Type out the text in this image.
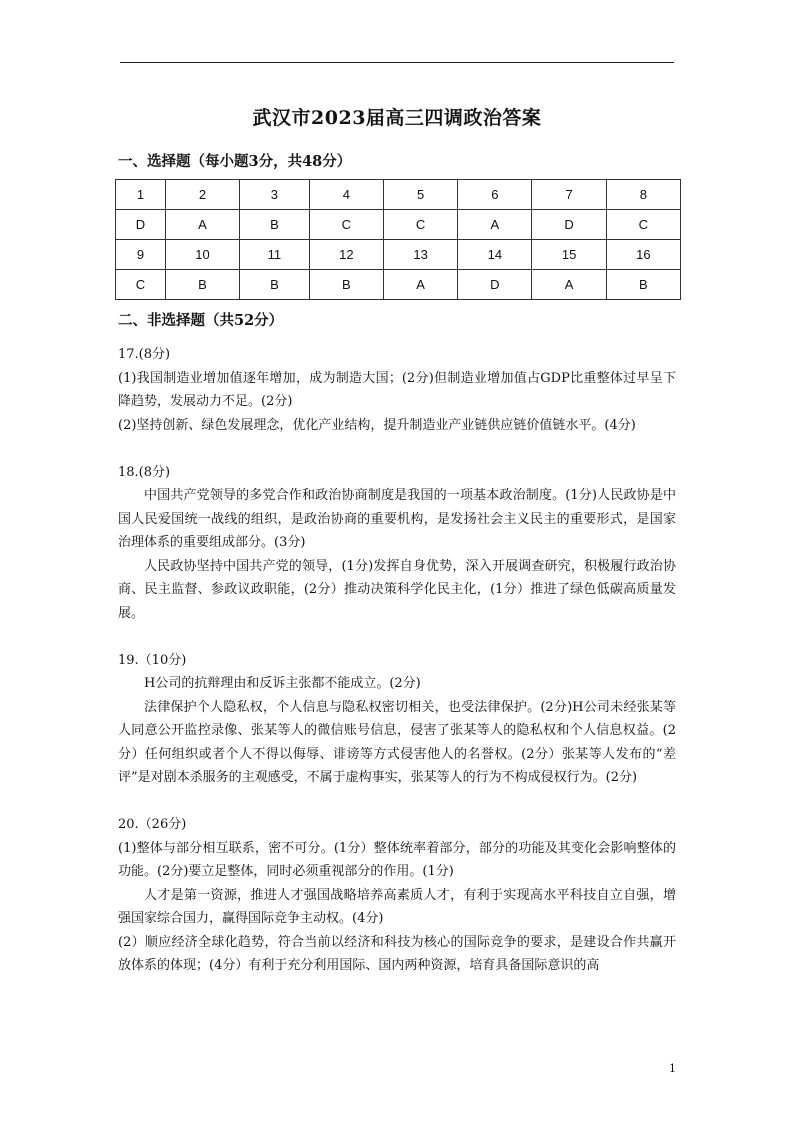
武汉市2023届高三四调政治答案
一、选择题（每小题3分，共48分）
1	2	3	4	5	6	7	8
D	A	B	C	C	A	D	C
9	10	11	12	13	14	15	16
C	B	B	B	A	D	A	B
二、非选择题（共52分）

17.(8分)

(1)我国制造业增加值逐年增加，成为制造大国；(2分)但制造业增加值占GDP比重整体过早呈下降趋势，发展动力不足。(2分)

(2)坚持创新、绿色发展理念，优化产业结构，提升制造业产业链供应链价值链水平。(4分)

18.(8分)

中国共产党领导的多党合作和政治协商制度是我国的一项基本政治制度。(1分)人民政协是中国人民爱国统一战线的组织，是政治协商的重要机构，是发扬社会主义民主的重要形式，是国家治理体系的重要组成部分。(3分)

人民政协坚持中国共产党的领导，(1分)发挥自身优势，深入开展调查研究，积极履行政治协商、民主监督、参政议政职能，(2分）推动决策科学化民主化，(1分）推进了绿色低碳高质量发展。

19.（10分)

H公司的抗辩理由和反诉主张都不能成立。(2分)

法律保护个人隐私权，个人信息与隐私权密切相关，也受法律保护。(2分)H公司未经张某等人同意公开监控录像、张某等人的微信账号信息，侵害了张某等人的隐私权和个人信息权益。(2分）任何组织或者个人不得以侮辱、诽谤等方式侵害他人的名誉权。(2分）张某等人发布的“差评”是对剧本杀服务的主观感受，不属于虚构事实，张某等人的行为不构成侵权行为。(2分)

20.（26分)

(1)整体与部分相互联系，密不可分。(1分）整体统率着部分，部分的功能及其变化会影响整体的功能。(2分)要立足整体，同时必须重视部分的作用。(1分)

人才是第一资源，推进人才强国战略培养高素质人才，有利于实现高水平科技自立自强，增强国家综合国力，赢得国际竞争主动权。(4分)

(2）顺应经济全球化趋势，符合当前以经济和科技为核心的国际竞争的要求，是建设合作共赢开放体系的体现；(4分）有利于充分利用国际、国内两种资源，培育具备国际意识的高

1
